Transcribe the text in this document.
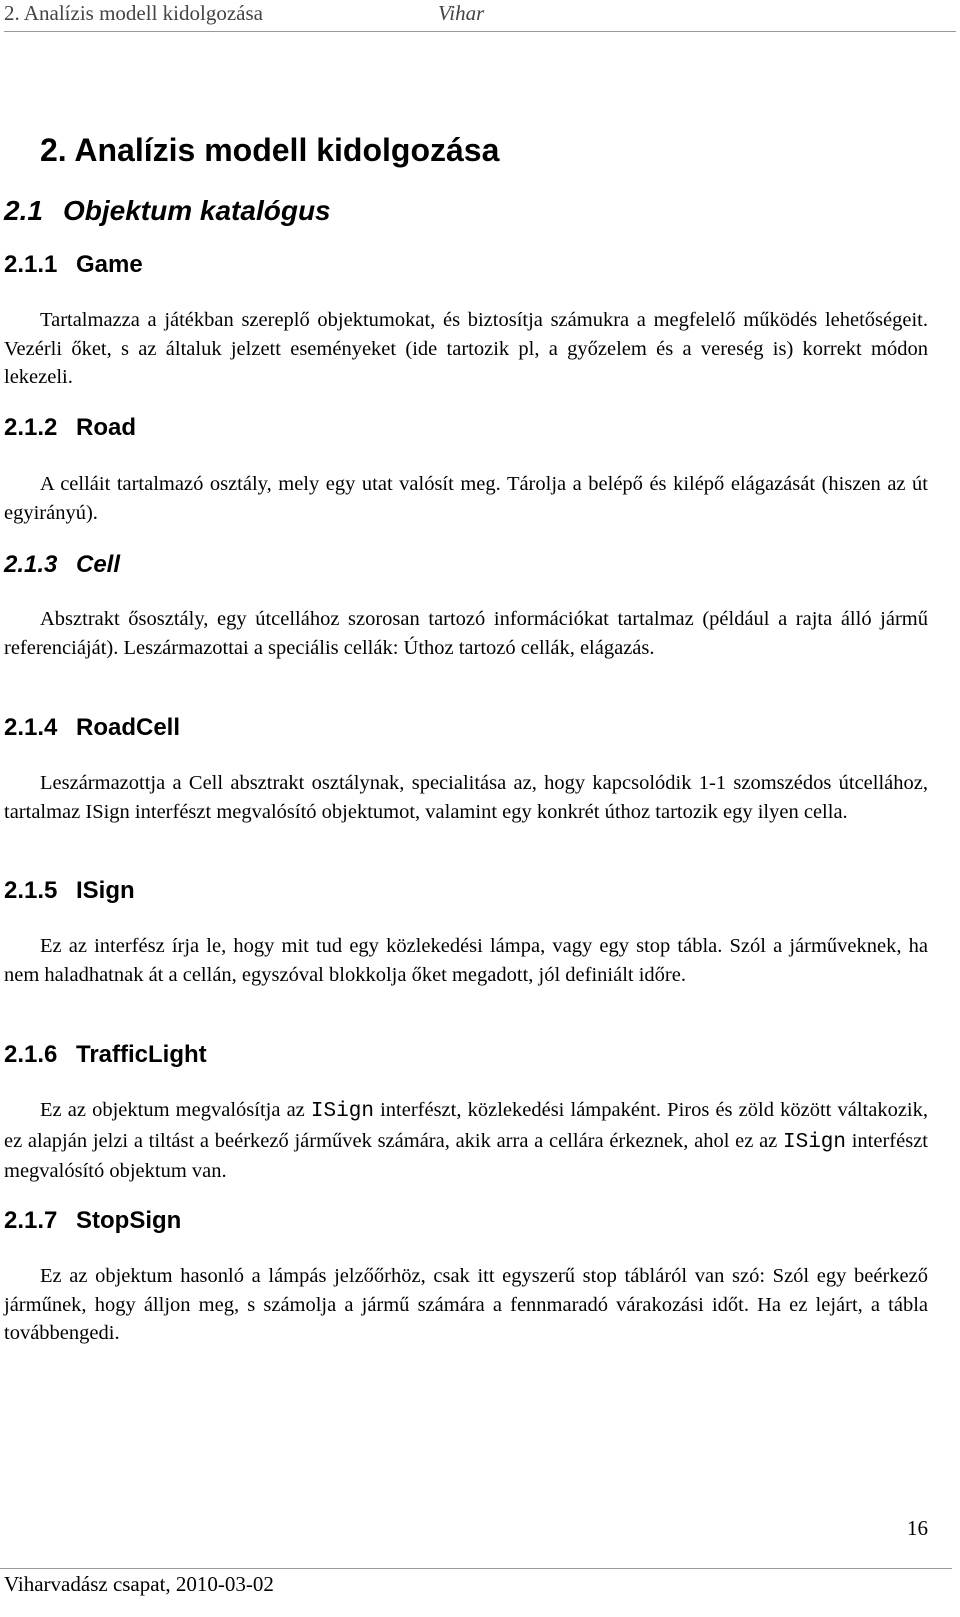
2. Analízis modell kidolgozása	Vihar
2. Analízis modell kidolgozása
2.1 Objektum katalógus
2.1.1 Game

Tartalmazza a játékban szereplő objektumokat, és biztosítja számukra a megfelelő működés lehetőségeit. Vezérli őket, s az általuk jelzett eseményeket (ide tartozik pl, a győzelem és a vereség is) korrekt módon lekezeli.

2.1.2 Road

A celláit tartalmazó osztály, mely egy utat valósít meg. Tárolja a belépő és kilépő elágazását (hiszen az út egyirányú).

2.1.3 Cell

Absztrakt ősosztály, egy útcellához szorosan tartozó információkat tartalmaz (például a rajta álló jármű referenciáját). Leszármazottai a speciális cellák: Úthoz tartozó cellák, elágazás.

2.1.4 RoadCell

Leszármazottja a Cell absztrakt osztálynak, specialitása az, hogy kapcsolódik 1-1 szomszédos útcellához, tartalmaz ISign interfészt megvalósító objektumot, valamint egy konkrét úthoz tartozik egy ilyen cella.

2.1.5 ISign

Ez az interfész írja le, hogy mit tud egy közlekedési lámpa, vagy egy stop tábla. Szól a járműveknek, ha nem haladhatnak át a cellán, egyszóval blokkolja őket megadott, jól definiált időre.

2.1.6 TrafficLight

Ez az objektum megvalósítja az ISign interfészt, közlekedési lámpaként. Piros és zöld között váltakozik, ez alapján jelzi a tiltást a beérkező járművek számára, akik arra a cellára érkeznek, ahol ez az ISign interfészt megvalósító objektum van.

2.1.7 StopSign

Ez az objektum hasonló a lámpás jelzőőrhöz, csak itt egyszerű stop tábláról van szó: Szól egy beérkező járműnek, hogy álljon meg, s számolja a jármű számára a fennmaradó várakozási időt. Ha ez lejárt, a tábla továbbengedi.

16
Viharvadász csapat, 2010-03-02
